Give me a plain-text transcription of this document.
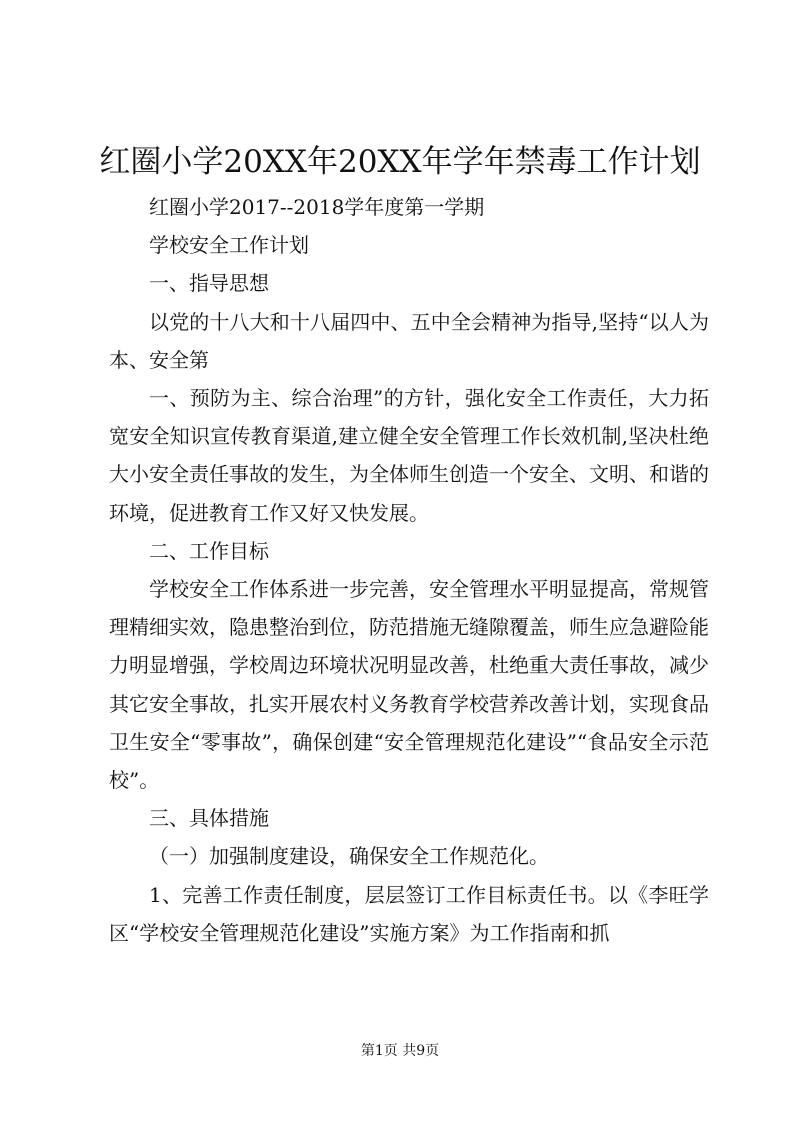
红圈小学20XX年20XX年学年禁毒工作计划

红圈小学2017--2018学年度第一学期

学校安全工作计划

一、指导思想

以党的十八大和十八届四中、五中全会精神为指导,坚持“以人为本、安全第

一、预防为主、综合治理”的方针，强化安全工作责任，大力拓宽安全知识宣传教育渠道,建立健全安全管理工作长效机制,坚决杜绝大小安全责任事故的发生，为全体师生创造一个安全、文明、和谐的环境，促进教育工作又好又快发展。

二、工作目标

学校安全工作体系进一步完善，安全管理水平明显提高，常规管理精细实效，隐患整治到位，防范措施无缝隙覆盖，师生应急避险能力明显增强，学校周边环境状况明显改善，杜绝重大责任事故，减少其它安全事故，扎实开展农村义务教育学校营养改善计划，实现食品卫生安全“零事故”，确保创建“安全管理规范化建设”“食品安全示范校”。

三、具体措施

（一）加强制度建设，确保安全工作规范化。

1、完善工作责任制度，层层签订工作目标责任书。以《李旺学区“学校安全管理规范化建设”实施方案》为工作指南和抓

第1页 共9页
